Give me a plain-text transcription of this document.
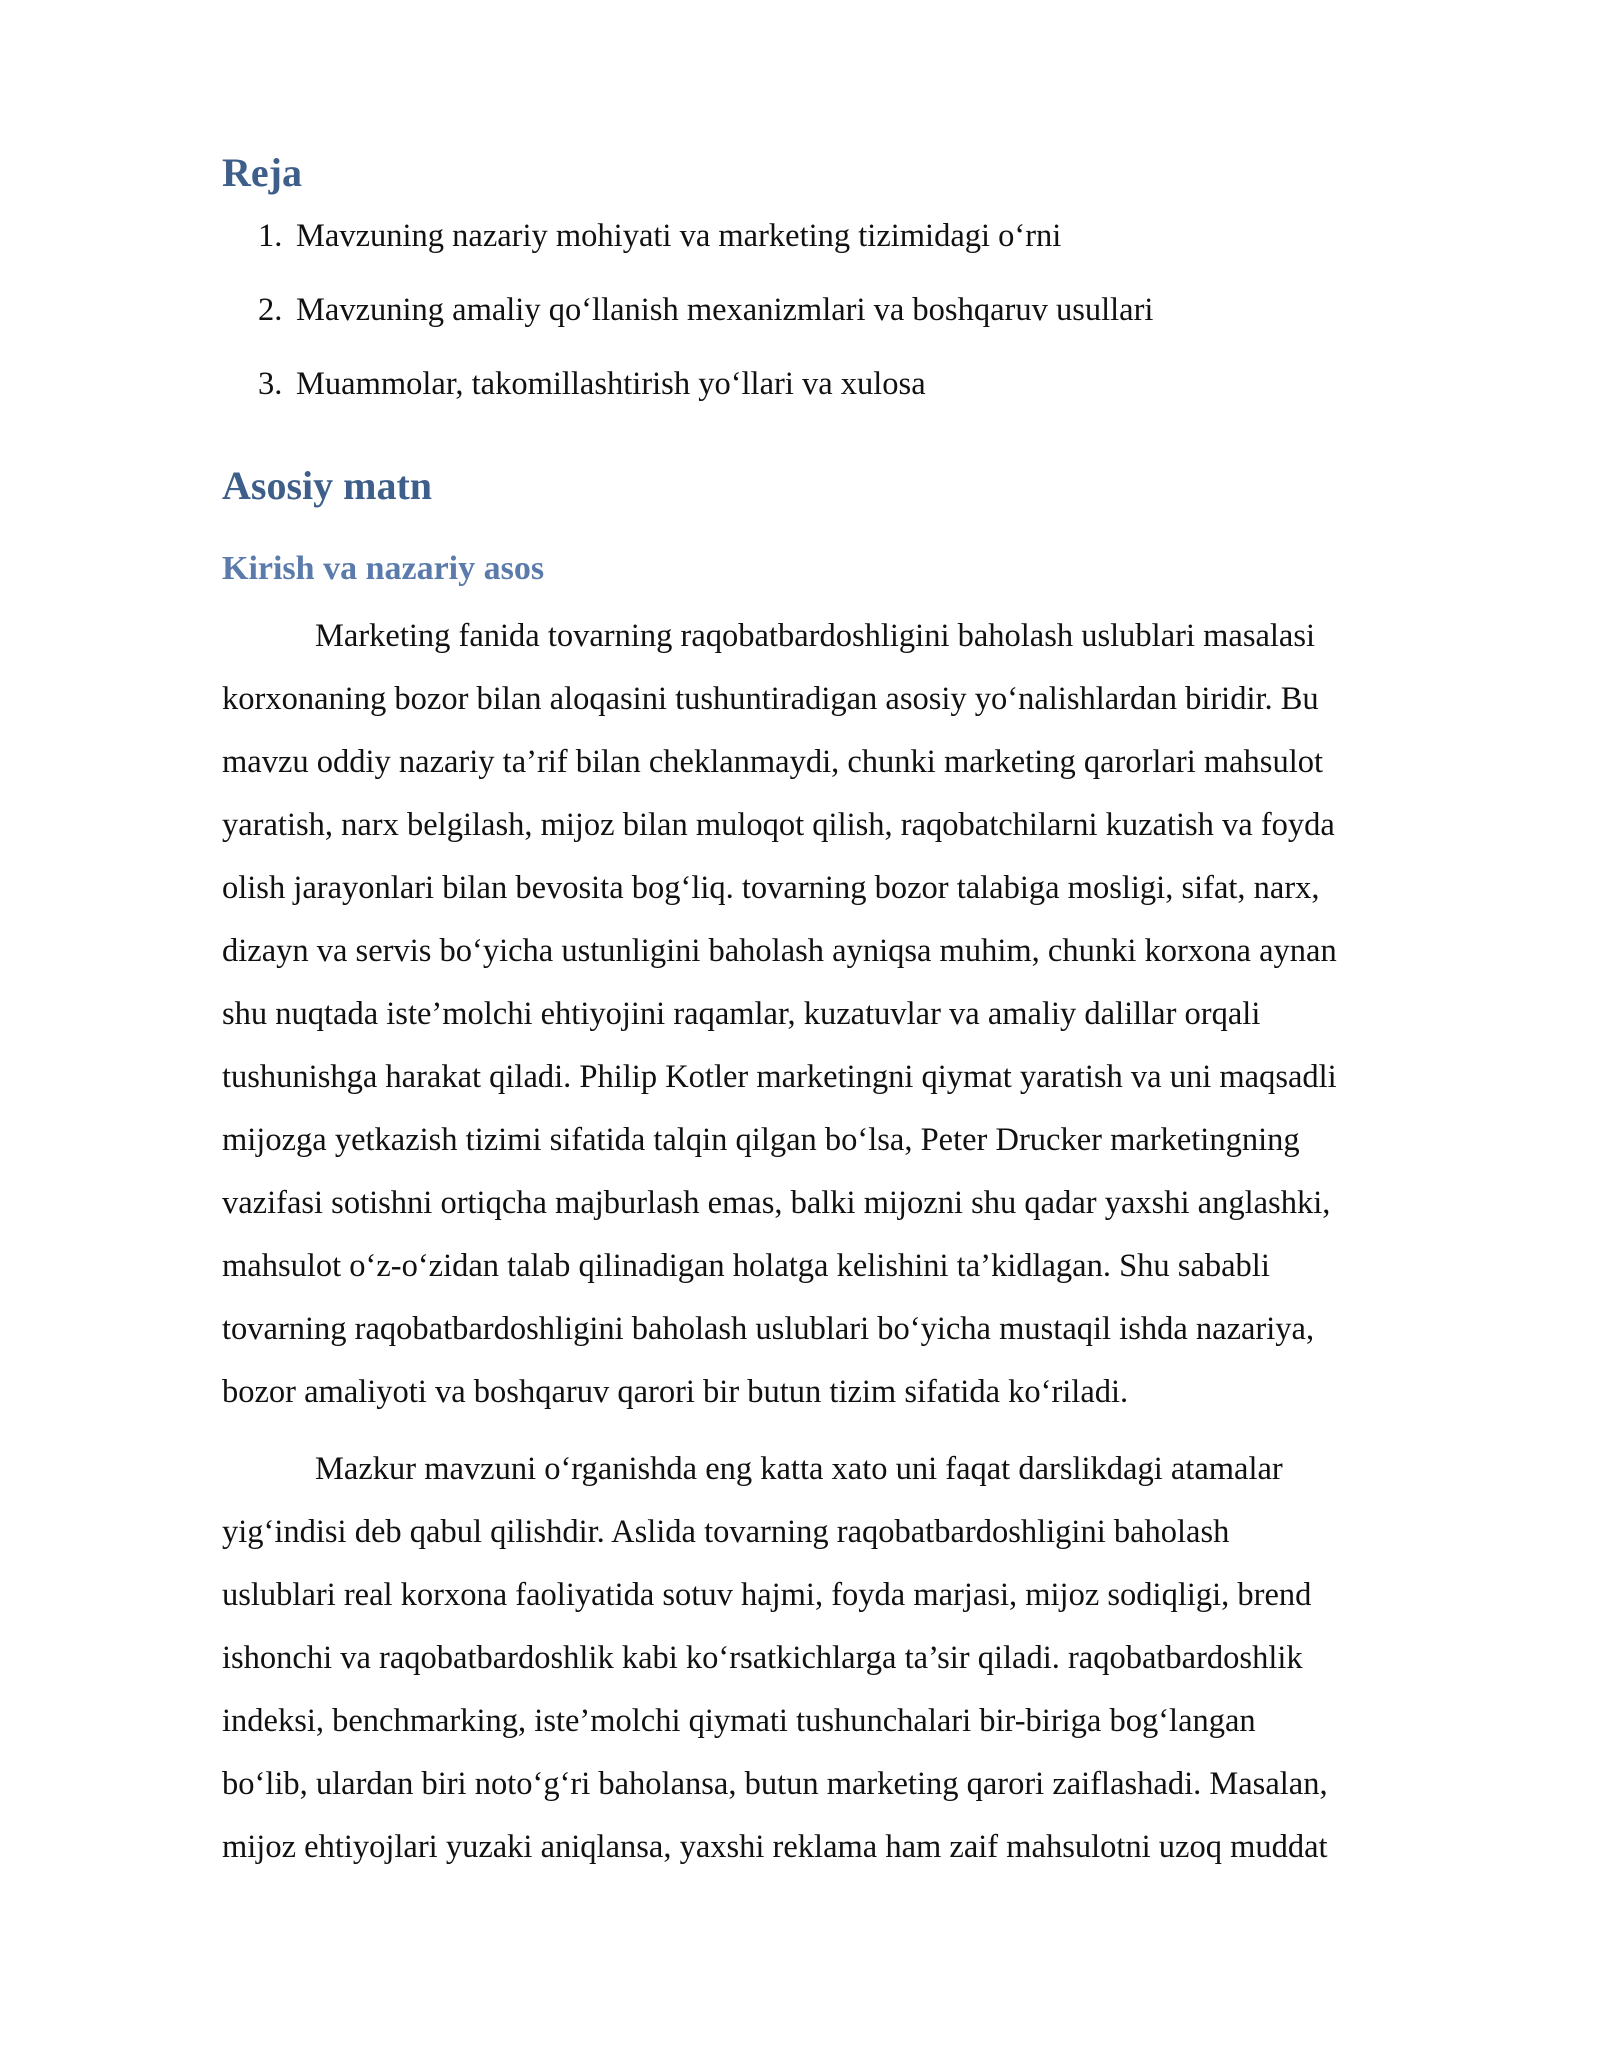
Reja
1. Mavzuning nazariy mohiyati va marketing tizimidagi o‘rni
2. Mavzuning amaliy qo‘llanish mexanizmlari va boshqaruv usullari
3. Muammolar, takomillashtirish yo‘llari va xulosa
Asosiy matn
Kirish va nazariy asos
Marketing fanida tovarning raqobatbardoshligini baholash uslublari masalasi
korxonaning bozor bilan aloqasini tushuntiradigan asosiy yo‘nalishlardan biridir. Bu
mavzu oddiy nazariy ta’rif bilan cheklanmaydi, chunki marketing qarorlari mahsulot
yaratish, narx belgilash, mijoz bilan muloqot qilish, raqobatchilarni kuzatish va foyda
olish jarayonlari bilan bevosita bog‘liq. tovarning bozor talabiga mosligi, sifat, narx,
dizayn va servis bo‘yicha ustunligini baholash ayniqsa muhim, chunki korxona aynan
shu nuqtada iste’molchi ehtiyojini raqamlar, kuzatuvlar va amaliy dalillar orqali
tushunishga harakat qiladi. Philip Kotler marketingni qiymat yaratish va uni maqsadli
mijozga yetkazish tizimi sifatida talqin qilgan bo‘lsa, Peter Drucker marketingning
vazifasi sotishni ortiqcha majburlash emas, balki mijozni shu qadar yaxshi anglashki,
mahsulot o‘z-o‘zidan talab qilinadigan holatga kelishini ta’kidlagan. Shu sababli
tovarning raqobatbardoshligini baholash uslublari bo‘yicha mustaqil ishda nazariya,
bozor amaliyoti va boshqaruv qarori bir butun tizim sifatida ko‘riladi.
Mazkur mavzuni o‘rganishda eng katta xato uni faqat darslikdagi atamalar
yig‘indisi deb qabul qilishdir. Aslida tovarning raqobatbardoshligini baholash
uslublari real korxona faoliyatida sotuv hajmi, foyda marjasi, mijoz sodiqligi, brend
ishonchi va raqobatbardoshlik kabi ko‘rsatkichlarga ta’sir qiladi. raqobatbardoshlik
indeksi, benchmarking, iste’molchi qiymati tushunchalari bir-biriga bog‘langan
bo‘lib, ulardan biri noto‘g‘ri baholansa, butun marketing qarori zaiflashadi. Masalan,
mijoz ehtiyojlari yuzaki aniqlansa, yaxshi reklama ham zaif mahsulotni uzoq muddat
